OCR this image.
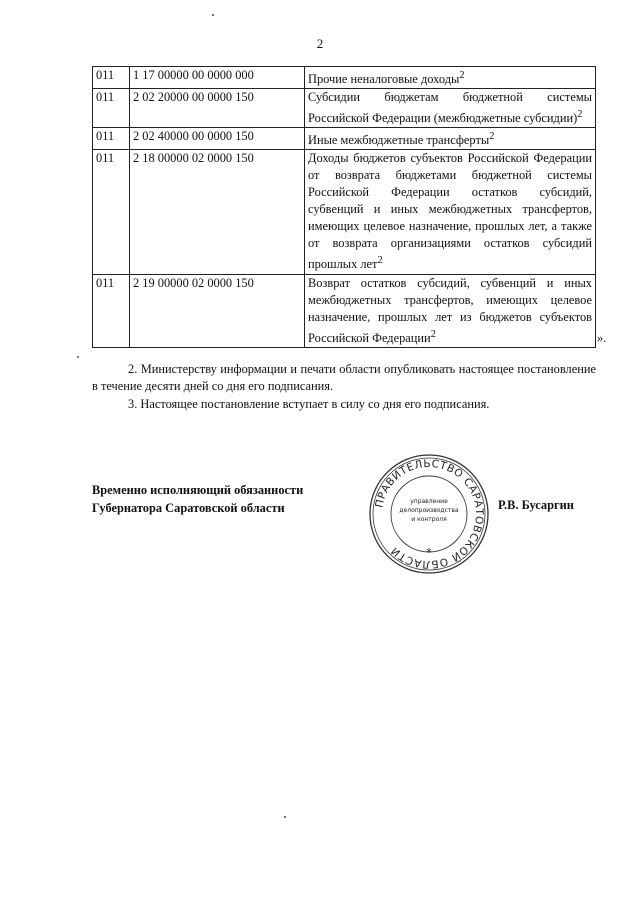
2
011	1 17 00000 00 0000 000	Прочие неналоговые доходы$^2$
011	2 02 20000 00 0000 150	Субсидии бюджетам бюджетной системы Российской Федерации (межбюджетные субсидии)$^2$
011	2 02 40000 00 0000 150	Иные межбюджетные трансферты$^2$
011	2 18 00000 02 0000 150	Доходы бюджетов субъектов Российской Федерации от возврата бюджетами бюджетной системы Российской Федерации остатков субсидий, субвенций и иных межбюджетных трансфертов, имеющих целевое назначение, прошлых лет, а также от возврата организациями остатков субсидий прошлых лет$^2$
011	2 19 00000 02 0000 150	Возврат остатков субсидий, субвенций и иных межбюджетных трансфертов, имеющих целевое назначение, прошлых лет из бюджетов субъектов Российской Федерации$^2$	».
2. Министерству информации и печати области опубликовать настоящее постановление в течение десяти дней со дня его подписания.
3. Настоящее постановление вступает в силу со дня его подписания.
Временно исполняющий обязанности
Губернатора Саратовской области	ПРАВИТЕЛЬСТВО САРАТОВСКОЙ ОБЛАСТИ
управление
делопроизводства
и контроля
*
Р.В. Бусаргин
